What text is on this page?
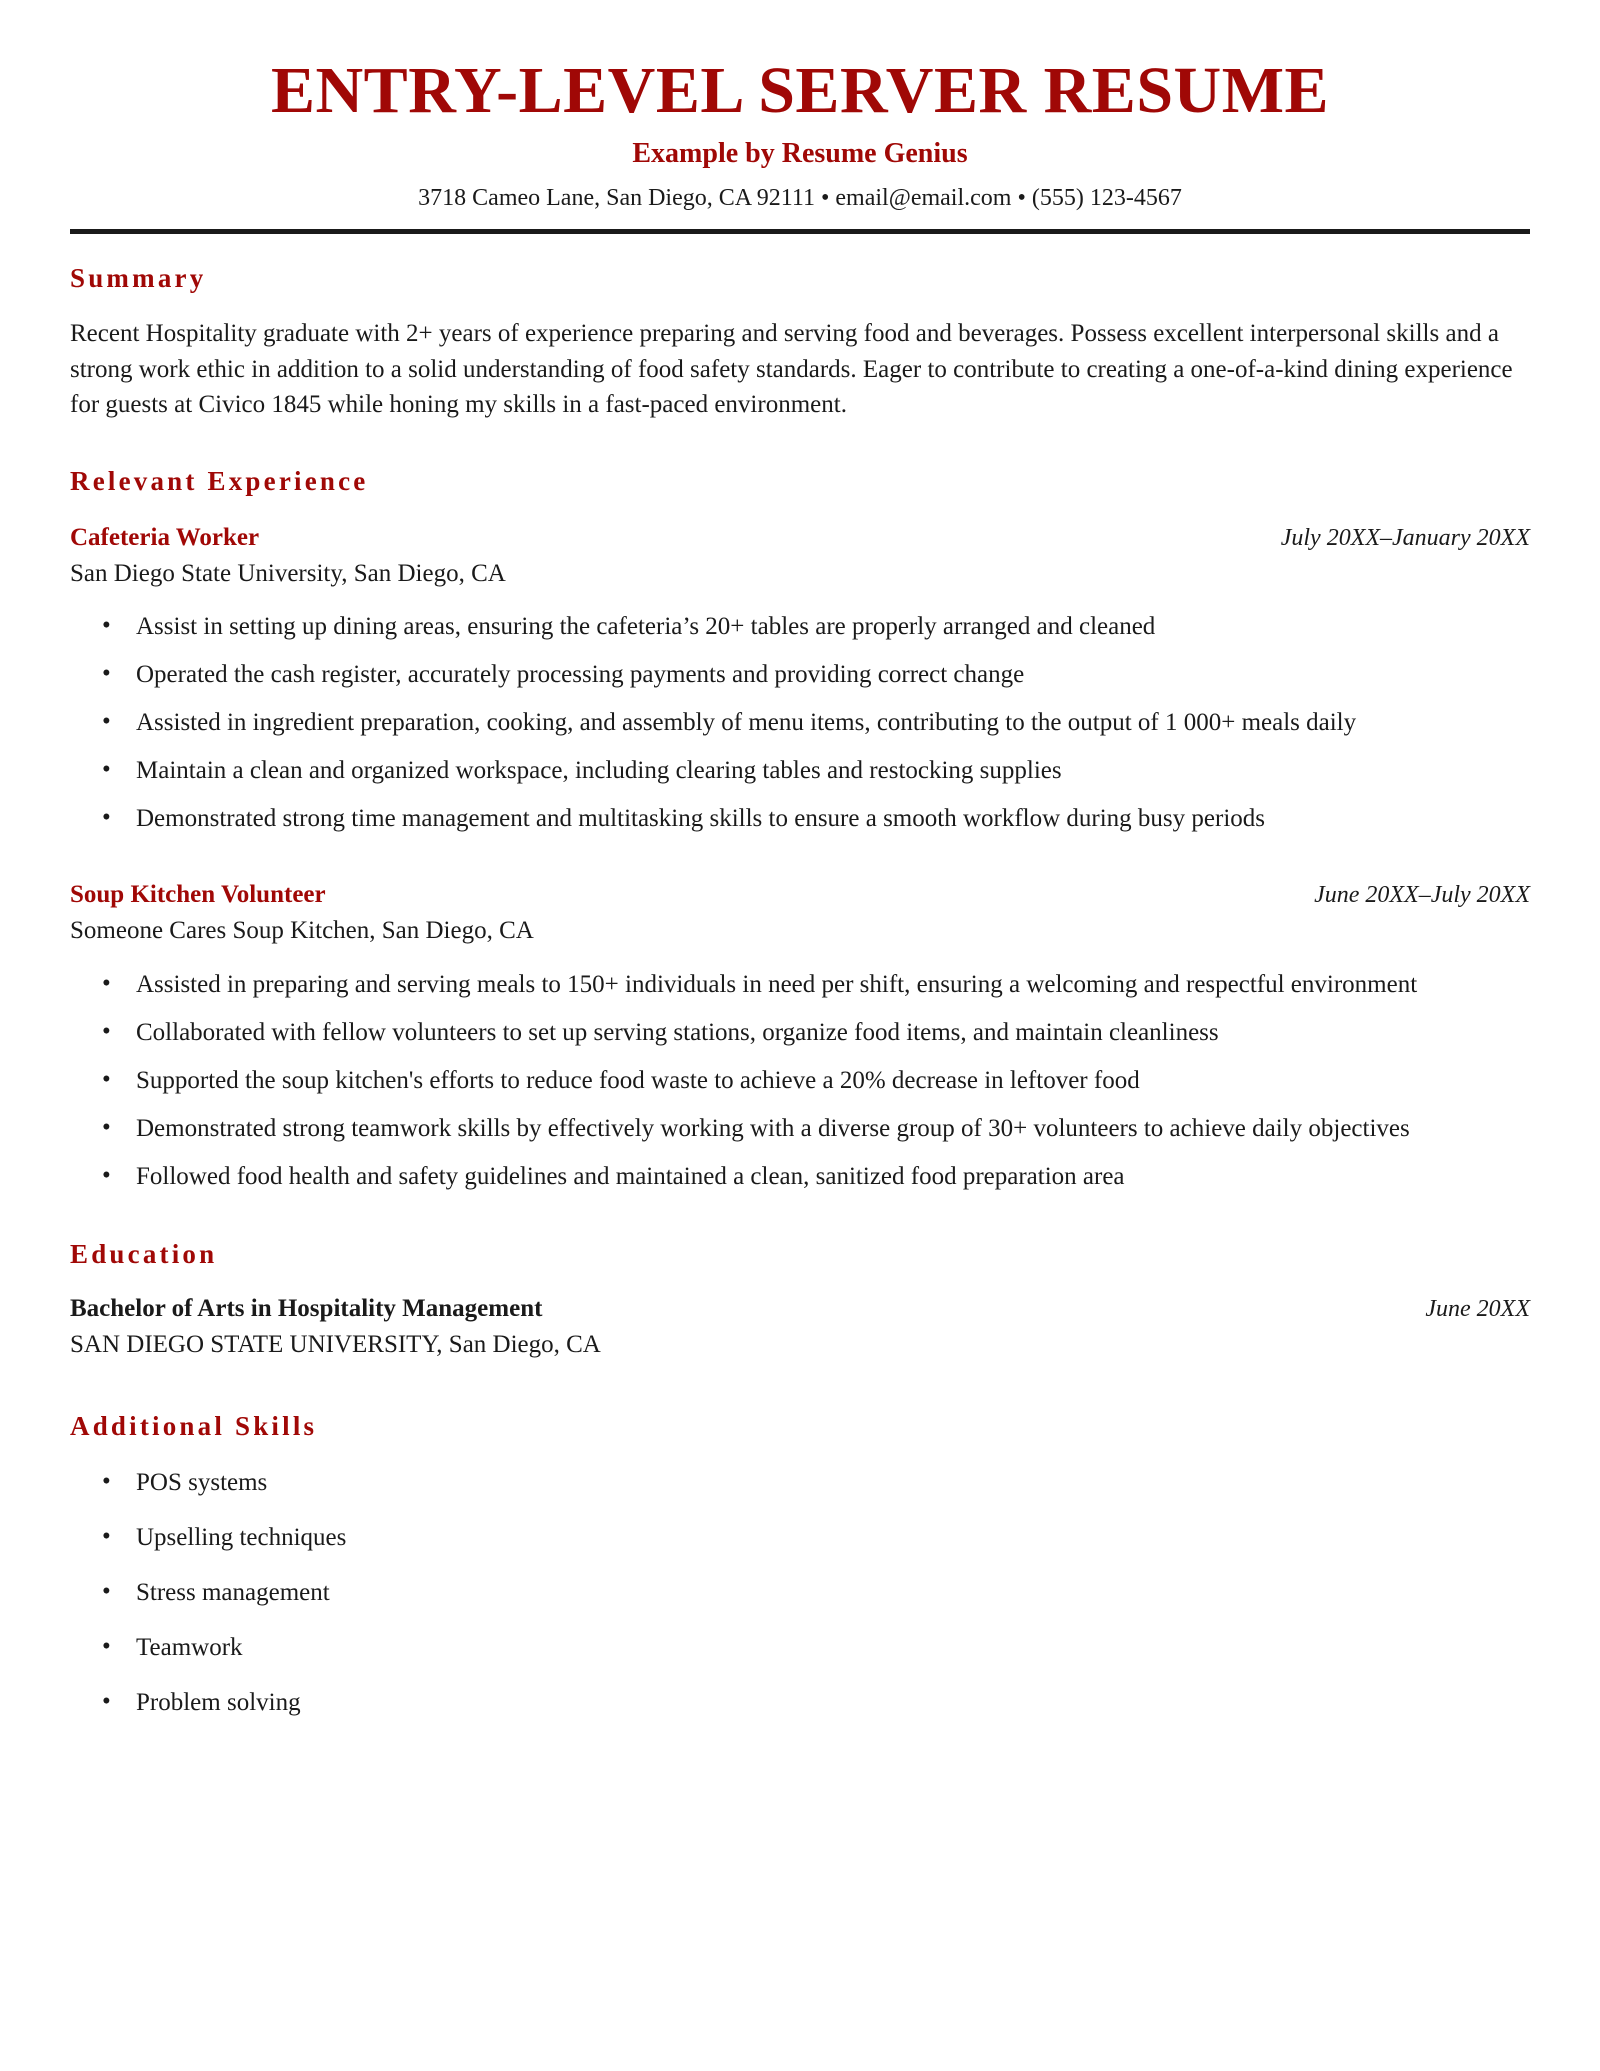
ENTRY-LEVEL SERVER RESUME
Example by Resume Genius
3718 Cameo Lane, San Diego, CA 92111 • email@email.com • (555) 123-4567
Summary

Recent Hospitality graduate with 2+ years of experience preparing and serving food and beverages. Possess excellent interpersonal skills and a strong work ethic in addition to a solid understanding of food safety standards. Eager to contribute to creating a one-of-a-kind dining experience for guests at Civico 1845 while honing my skills in a fast-paced environment.

Relevant Experience
Cafeteria Worker	July 20XX–January 20XX
San Diego State University, San Diego, CA
• Assist in setting up dining areas, ensuring the cafeteria’s 20+ tables are properly arranged and cleaned
• Operated the cash register, accurately processing payments and providing correct change
• Assisted in ingredient preparation, cooking, and assembly of menu items, contributing to the output of 1 000+ meals daily
• Maintain a clean and organized workspace, including clearing tables and restocking supplies
• Demonstrated strong time management and multitasking skills to ensure a smooth workflow during busy periods
Soup Kitchen Volunteer	June 20XX–July 20XX
Someone Cares Soup Kitchen, San Diego, CA
• Assisted in preparing and serving meals to 150+ individuals in need per shift, ensuring a welcoming and respectful environment
• Collaborated with fellow volunteers to set up serving stations, organize food items, and maintain cleanliness
• Supported the soup kitchen's efforts to reduce food waste to achieve a 20% decrease in leftover food
• Demonstrated strong teamwork skills by effectively working with a diverse group of 30+ volunteers to achieve daily objectives
• Followed food health and safety guidelines and maintained a clean, sanitized food preparation area
Education
Bachelor of Arts in Hospitality Management	June 20XX
SAN DIEGO STATE UNIVERSITY, San Diego, CA
Additional Skills
• POS systems
• Upselling techniques
• Stress management
• Teamwork
• Problem solving
